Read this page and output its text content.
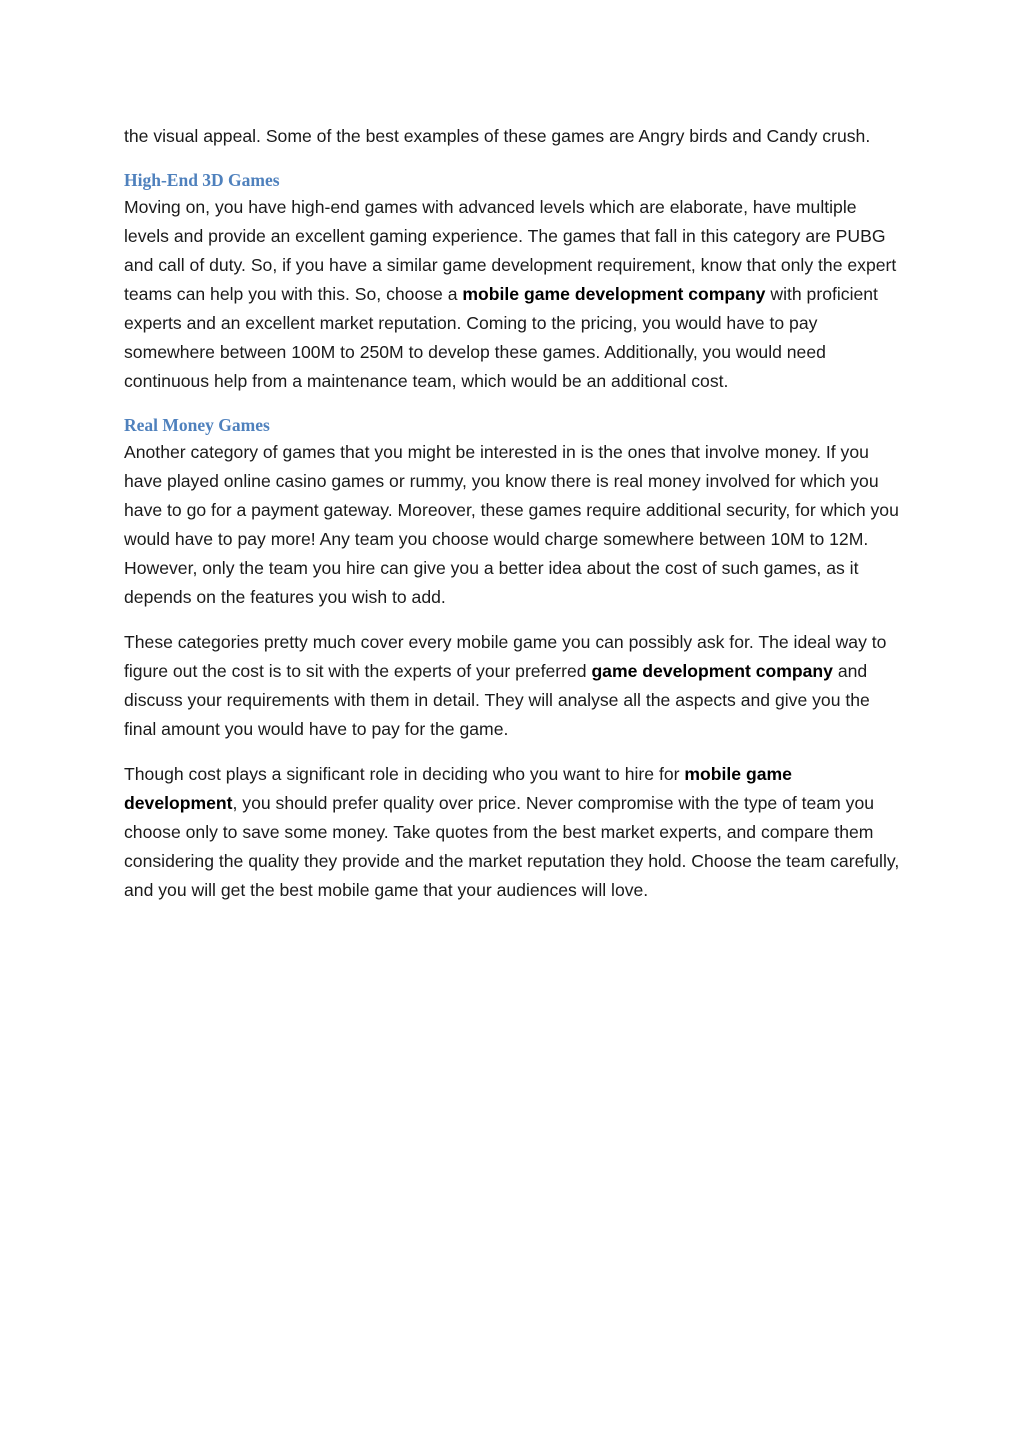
the visual appeal. Some of the best examples of these games are Angry birds and Candy crush.

High-End 3D Games

Moving on, you have high-end games with advanced levels which are elaborate, have multiple levels and provide an excellent gaming experience. The games that fall in this category are PUBG and call of duty. So, if you have a similar game development requirement, know that only the expert teams can help you with this. So, choose a mobile game development company with proficient experts and an excellent market reputation. Coming to the pricing, you would have to pay somewhere between 100M to 250M to develop these games. Additionally, you would need continuous help from a maintenance team, which would be an additional cost.

Real Money Games

Another category of games that you might be interested in is the ones that involve money. If you have played online casino games or rummy, you know there is real money involved for which you have to go for a payment gateway. Moreover, these games require additional security, for which you would have to pay more! Any team you choose would charge somewhere between 10M to 12M. However, only the team you hire can give you a better idea about the cost of such games, as it depends on the features you wish to add.

These categories pretty much cover every mobile game you can possibly ask for. The ideal way to figure out the cost is to sit with the experts of your preferred game development company and discuss your requirements with them in detail. They will analyse all the aspects and give you the final amount you would have to pay for the game.

Though cost plays a significant role in deciding who you want to hire for mobile game development, you should prefer quality over price. Never compromise with the type of team you choose only to save some money. Take quotes from the best market experts, and compare them considering the quality they provide and the market reputation they hold. Choose the team carefully, and you will get the best mobile game that your audiences will love.
